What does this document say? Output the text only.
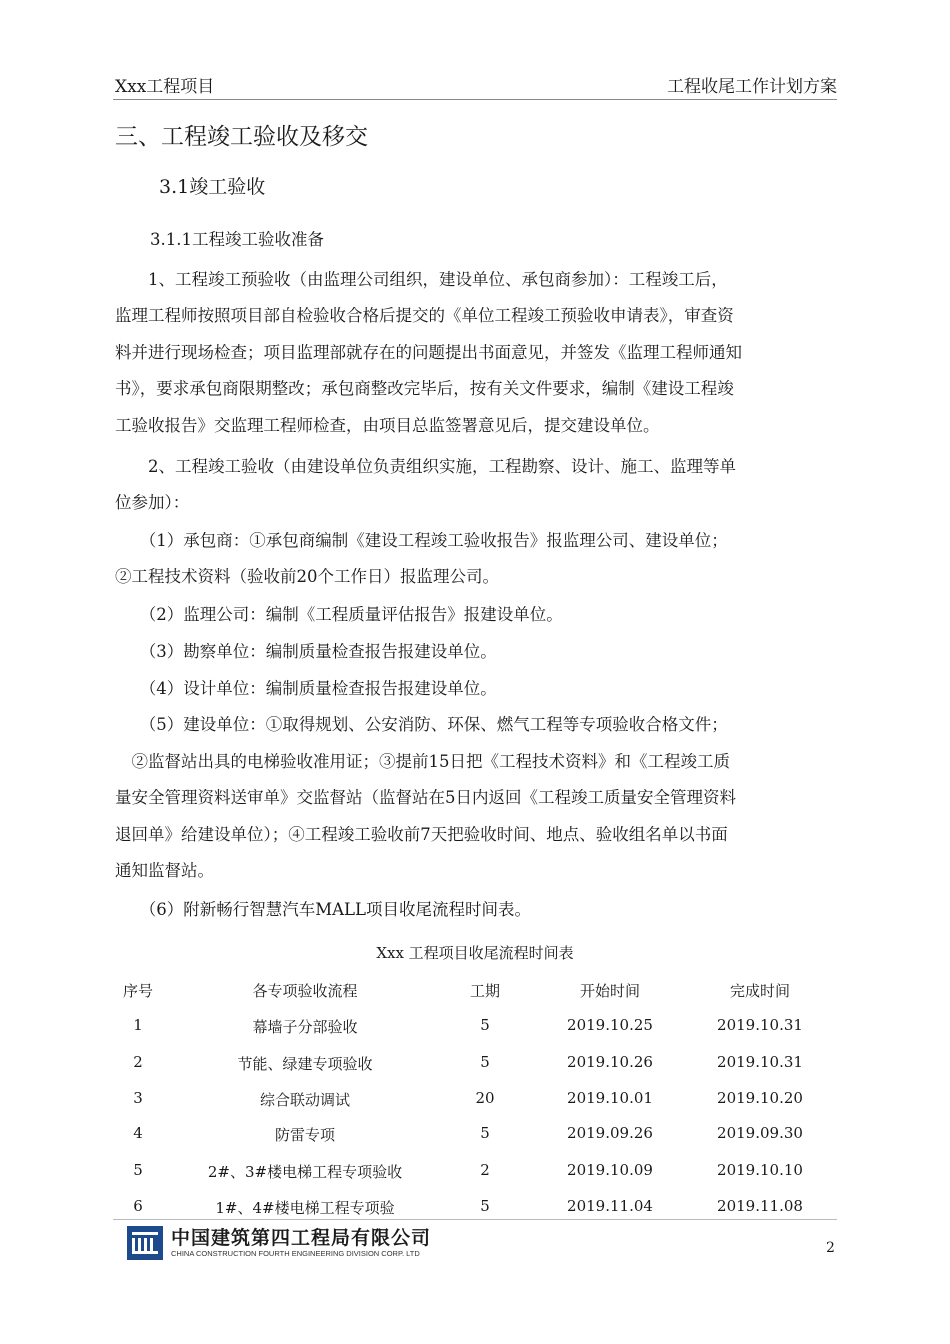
Xxx工程项目	工程收尾工作计划方案
三、工程竣工验收及移交
3.1竣工验收
3.1.1工程竣工验收准备
　　1、工程竣工预验收（由监理公司组织，建设单位、承包商参加）：工程竣工后，
监理工程师按照项目部自检验收合格后提交的《单位工程竣工预验收申请表》，审查资
料并进行现场检查；项目监理部就存在的问题提出书面意见，并签发《监理工程师通知
书》，要求承包商限期整改；承包商整改完毕后，按有关文件要求，编制《建设工程竣
工验收报告》交监理工程师检查，由项目总监签署意见后，提交建设单位。
　　2、工程竣工验收（由建设单位负责组织实施，工程勘察、设计、施工、监理等单
位参加）：
　　（1）承包商：①承包商编制《建设工程竣工验收报告》报监理公司、建设单位；
②工程技术资料（验收前20个工作日）报监理公司。
　　（2）监理公司：编制《工程质量评估报告》报建设单位。
　　（3）勘察单位：编制质量检查报告报建设单位。
　　（4）设计单位：编制质量检查报告报建设单位。
　　（5）建设单位：①取得规划、公安消防、环保、燃气工程等专项验收合格文件；
　②监督站出具的电梯验收准用证；③提前15日把《工程技术资料》和《工程竣工质
量安全管理资料送审单》交监督站（监督站在5日内返回《工程竣工质量安全管理资料
退回单》给建设单位）；④工程竣工验收前7天把验收时间、地点、验收组名单以书面
通知监督站。
　　（6）附新畅行智慧汽车MALL项目收尾流程时间表。
Xxx 工程项目收尾流程时间表
序号	各专项验收流程	工期	开始时间	完成时间
1	幕墙子分部验收	5	2019.10.25	2019.10.31
2	节能、绿建专项验收	5	2019.10.26	2019.10.31
3	综合联动调试	20	2019.10.01	2019.10.20
4	防雷专项	5	2019.09.26	2019.09.30
5	2#、3#楼电梯工程专项验收	2	2019.10.09	2019.10.10
6	1#、4#楼电梯工程专项验	5	2019.11.04	2019.11.08
中国建筑第四工程局有限公司
CHINA CONSTRUCTION FOURTH ENGINEERING DIVISION CORP. LTD	2
